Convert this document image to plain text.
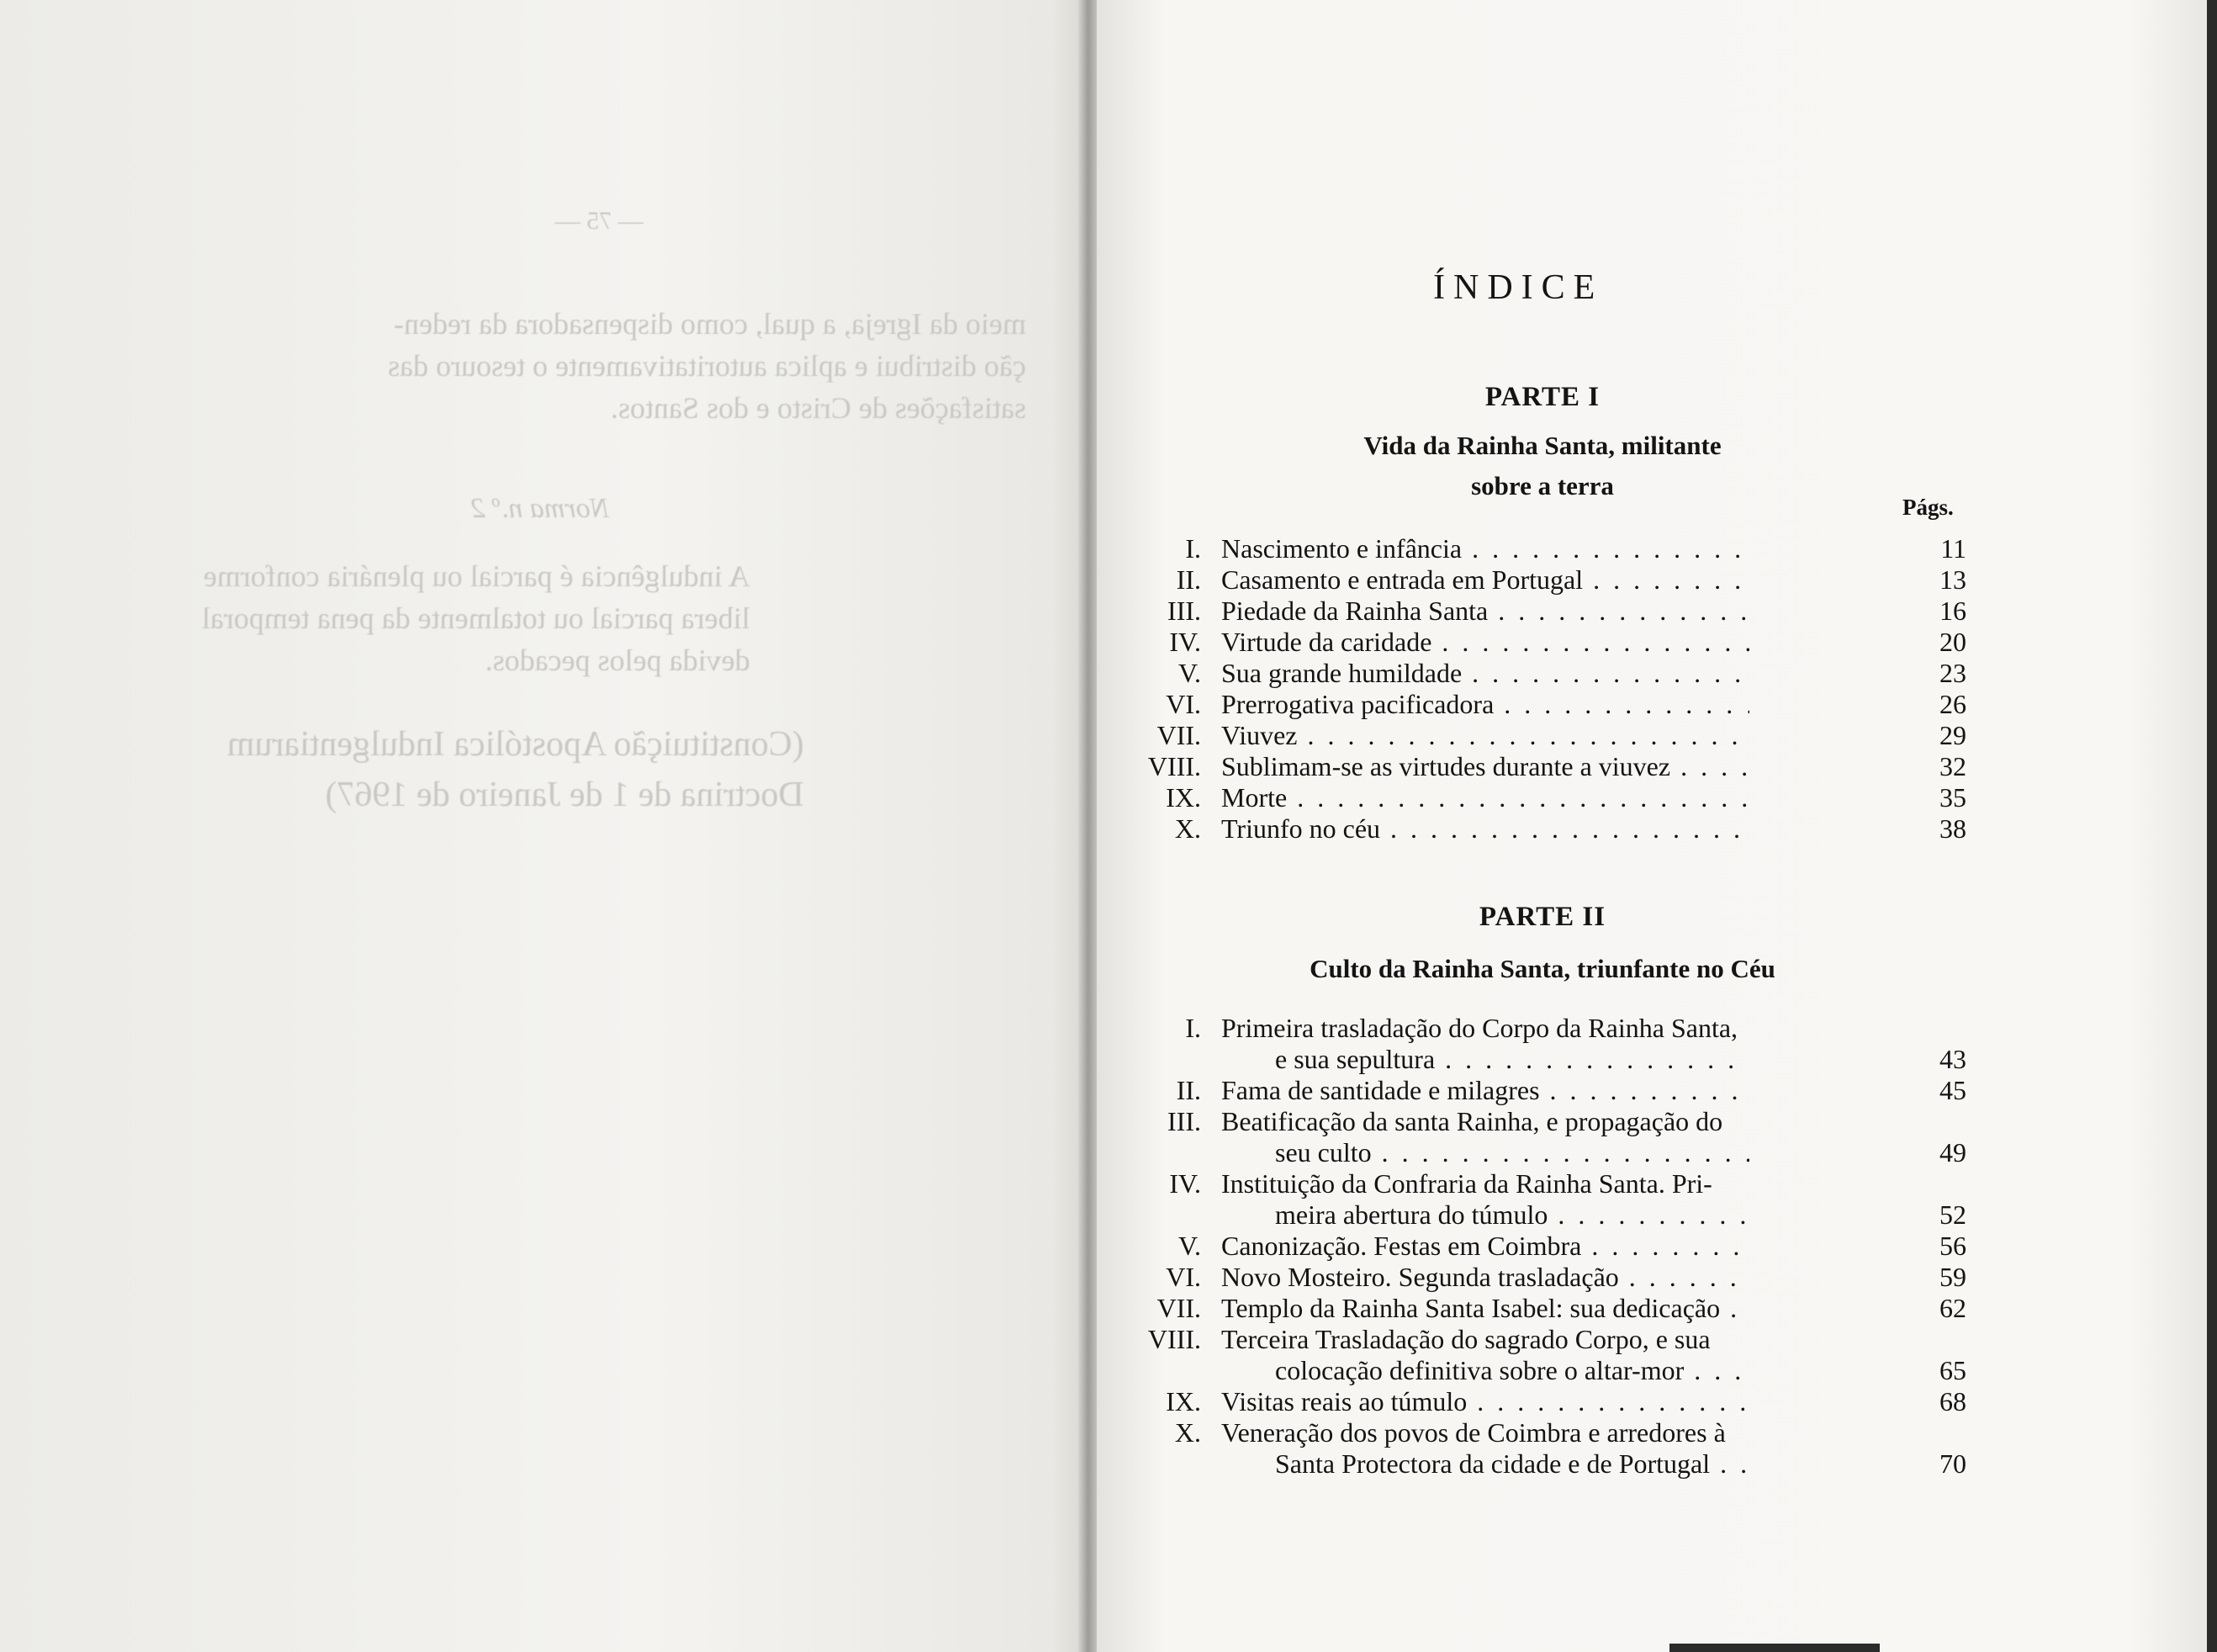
— 75 —
meio da Igreja, a qual, como dispensadora da reden-
ção distribui e aplica autoritativamente o tesouro das
satisfações de Cristo e dos Santos.
Norma n.º 2
A indulgência é parcial ou plenária conforme
libera parcial ou totalmente da pena temporal
devida pelos pecados.
(Constituição Apostólica Indulgentiarum
Doctrina de 1 de Janeiro de 1967)
ÍNDICE
PARTE I
Vida da Rainha Santa, militante
sobre a terra
Págs.
I. Nascimento e infância . . .	11
II. Casamento e entrada em Portugal . . .	13
III. Piedade da Rainha Santa . . .	16
IV. Virtude da caridade . . .	20
V. Sua grande humildade . . .	23
VI. Prerrogativa pacificadora . . .	26
VII. Viuvez . . .	29
VIII. Sublimam-se as virtudes durante a viuvez . . .	32
IX. Morte . . .	35
X. Triunfo no céu . . .	38
PARTE II
Culto da Rainha Santa, triunfante no Céu
I. Primeira trasladação do Corpo da Rainha Santa,
e sua sepultura . . .	43
II. Fama de santidade e milagres . . .	45
III. Beatificação da santa Rainha, e propagação do
seu culto . . .	49
IV. Instituição da Confraria da Rainha Santa. Pri-
meira abertura do túmulo . . .	52
V. Canonização. Festas em Coimbra . . .	56
VI. Novo Mosteiro. Segunda trasladação . . .	59
VII. Templo da Rainha Santa Isabel: sua dedicação . . .	62
VIII. Terceira Trasladação do sagrado Corpo, e sua
colocação definitiva sobre o altar-mor . . .	65
IX. Visitas reais ao túmulo . . .	68
X. Veneração dos povos de Coimbra e arredores à
Santa Protectora da cidade e de Portugal . . .	70
